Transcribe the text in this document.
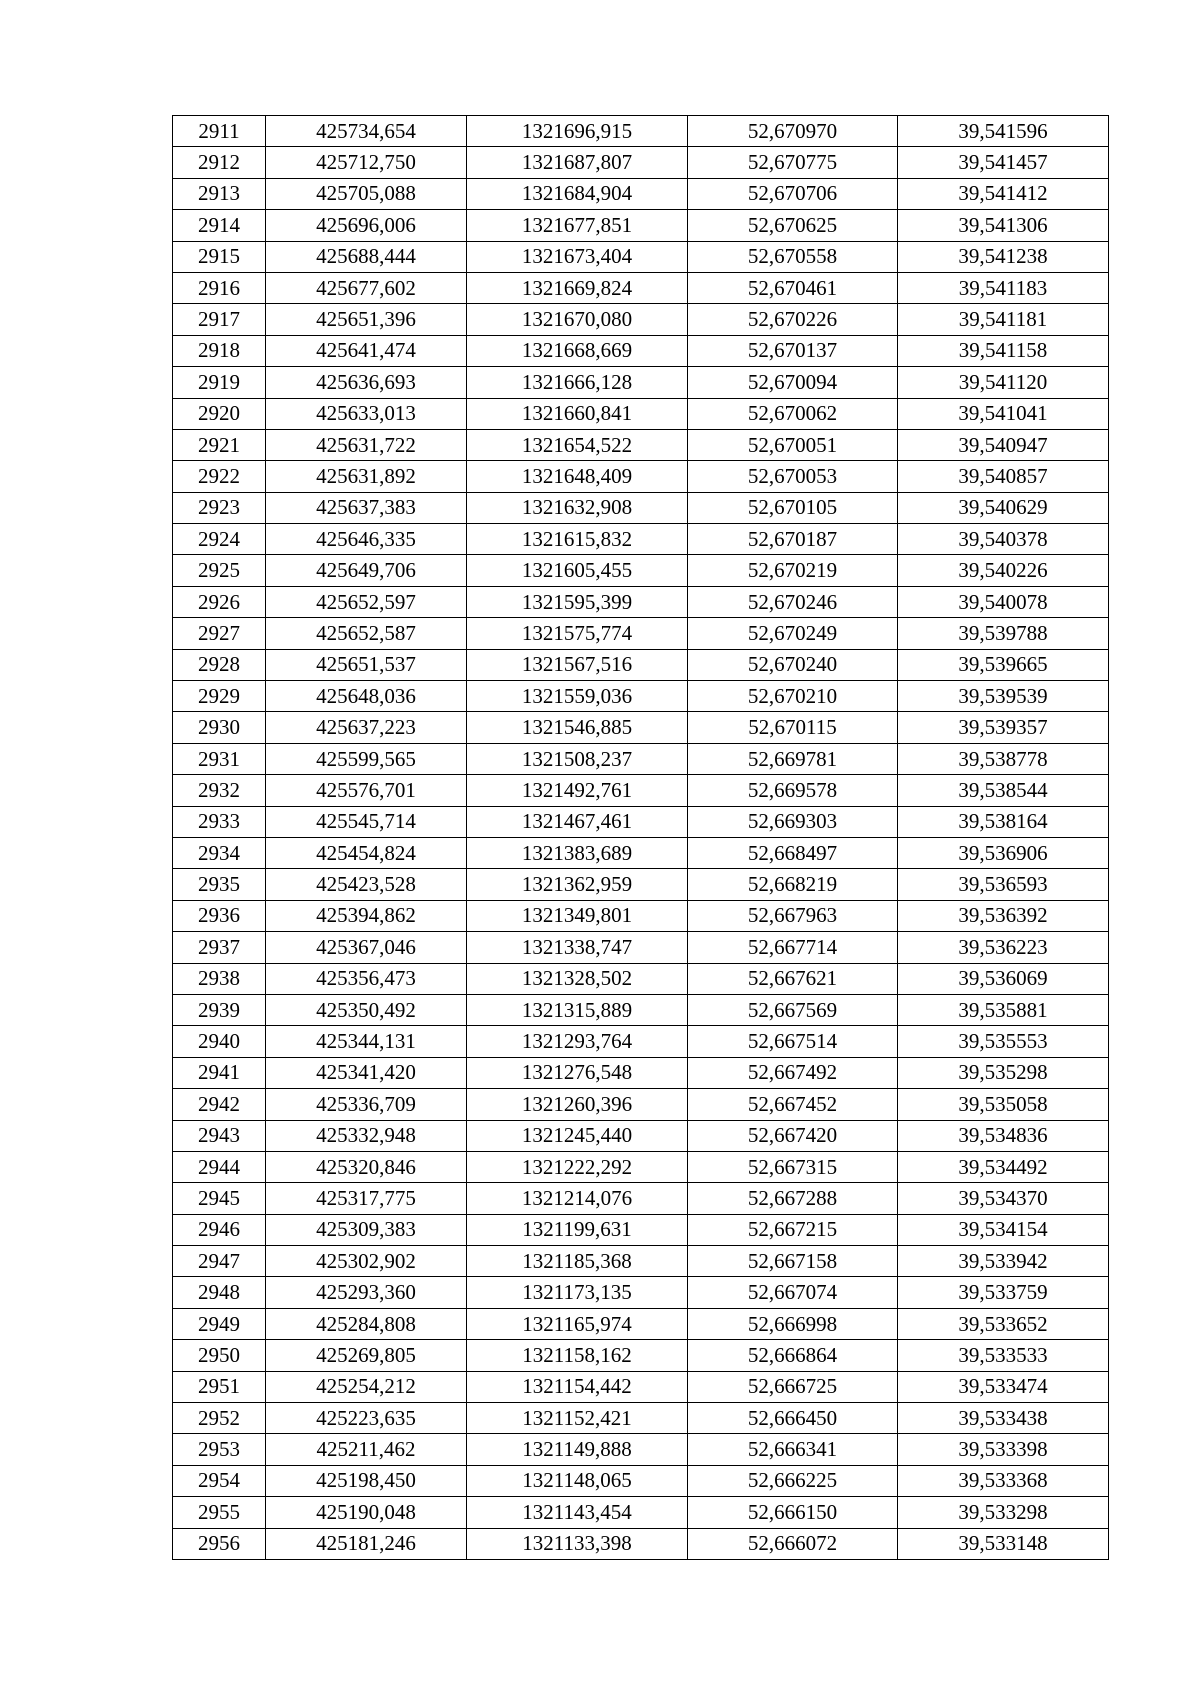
2911	425734,654	1321696,915	52,670970	39,541596
2912	425712,750	1321687,807	52,670775	39,541457
2913	425705,088	1321684,904	52,670706	39,541412
2914	425696,006	1321677,851	52,670625	39,541306
2915	425688,444	1321673,404	52,670558	39,541238
2916	425677,602	1321669,824	52,670461	39,541183
2917	425651,396	1321670,080	52,670226	39,541181
2918	425641,474	1321668,669	52,670137	39,541158
2919	425636,693	1321666,128	52,670094	39,541120
2920	425633,013	1321660,841	52,670062	39,541041
2921	425631,722	1321654,522	52,670051	39,540947
2922	425631,892	1321648,409	52,670053	39,540857
2923	425637,383	1321632,908	52,670105	39,540629
2924	425646,335	1321615,832	52,670187	39,540378
2925	425649,706	1321605,455	52,670219	39,540226
2926	425652,597	1321595,399	52,670246	39,540078
2927	425652,587	1321575,774	52,670249	39,539788
2928	425651,537	1321567,516	52,670240	39,539665
2929	425648,036	1321559,036	52,670210	39,539539
2930	425637,223	1321546,885	52,670115	39,539357
2931	425599,565	1321508,237	52,669781	39,538778
2932	425576,701	1321492,761	52,669578	39,538544
2933	425545,714	1321467,461	52,669303	39,538164
2934	425454,824	1321383,689	52,668497	39,536906
2935	425423,528	1321362,959	52,668219	39,536593
2936	425394,862	1321349,801	52,667963	39,536392
2937	425367,046	1321338,747	52,667714	39,536223
2938	425356,473	1321328,502	52,667621	39,536069
2939	425350,492	1321315,889	52,667569	39,535881
2940	425344,131	1321293,764	52,667514	39,535553
2941	425341,420	1321276,548	52,667492	39,535298
2942	425336,709	1321260,396	52,667452	39,535058
2943	425332,948	1321245,440	52,667420	39,534836
2944	425320,846	1321222,292	52,667315	39,534492
2945	425317,775	1321214,076	52,667288	39,534370
2946	425309,383	1321199,631	52,667215	39,534154
2947	425302,902	1321185,368	52,667158	39,533942
2948	425293,360	1321173,135	52,667074	39,533759
2949	425284,808	1321165,974	52,666998	39,533652
2950	425269,805	1321158,162	52,666864	39,533533
2951	425254,212	1321154,442	52,666725	39,533474
2952	425223,635	1321152,421	52,666450	39,533438
2953	425211,462	1321149,888	52,666341	39,533398
2954	425198,450	1321148,065	52,666225	39,533368
2955	425190,048	1321143,454	52,666150	39,533298
2956	425181,246	1321133,398	52,666072	39,533148
